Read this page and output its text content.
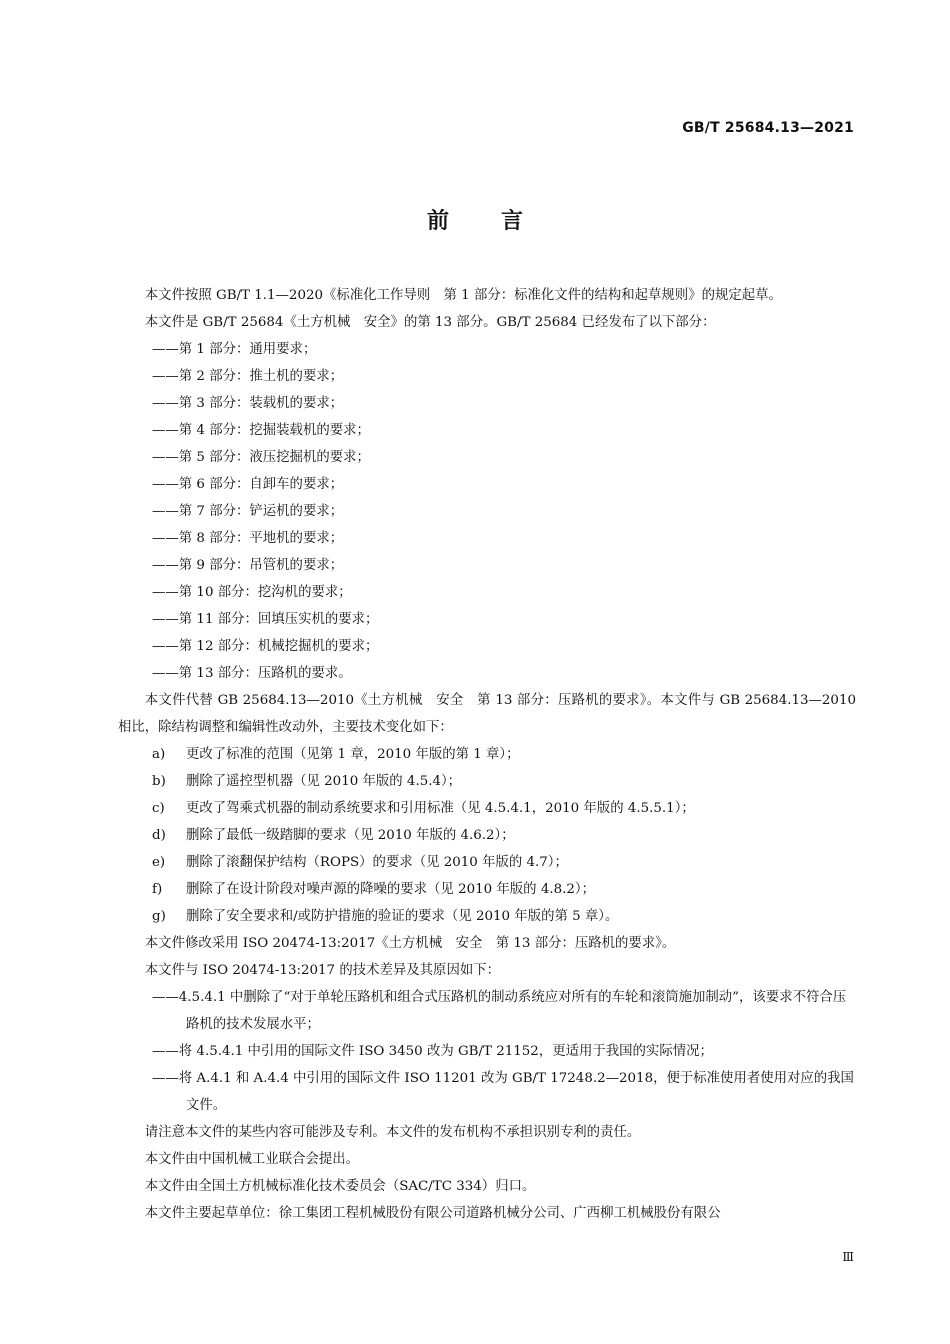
GB/T 25684.13—2021
前言

本文件按照 GB/T 1.1—2020《标准化工作导则　第 1 部分：标准化文件的结构和起草规则》的规定起草。

本文件是 GB/T 25684《土方机械　安全》的第 13 部分。GB/T 25684 已经发布了以下部分：

——第 1 部分：通用要求；

——第 2 部分：推土机的要求；

——第 3 部分：装载机的要求；

——第 4 部分：挖掘装载机的要求；

——第 5 部分：液压挖掘机的要求；

——第 6 部分：自卸车的要求；

——第 7 部分：铲运机的要求；

——第 8 部分：平地机的要求；

——第 9 部分：吊管机的要求；

——第 10 部分：挖沟机的要求；

——第 11 部分：回填压实机的要求；

——第 12 部分：机械挖掘机的要求；

——第 13 部分：压路机的要求。

本文件代替 GB 25684.13—2010《土方机械　安全　第 13 部分：压路机的要求》。本文件与 GB 25684.13—2010 相比，除结构调整和编辑性改动外，主要技术变化如下：

a) 更改了标准的范围（见第 1 章，2010 年版的第 1 章）；

b) 删除了遥控型机器（见 2010 年版的 4.5.4）；

c) 更改了驾乘式机器的制动系统要求和引用标准（见 4.5.4.1，2010 年版的 4.5.5.1）；

d) 删除了最低一级踏脚的要求（见 2010 年版的 4.6.2）；

e) 删除了滚翻保护结构（ROPS）的要求（见 2010 年版的 4.7）；

f) 删除了在设计阶段对噪声源的降噪的要求（见 2010 年版的 4.8.2）；

g) 删除了安全要求和/或防护措施的验证的要求（见 2010 年版的第 5 章）。

本文件修改采用 ISO 20474-13:2017《土方机械　安全　第 13 部分：压路机的要求》。

本文件与 ISO 20474-13:2017 的技术差异及其原因如下：

——4.5.4.1 中删除了“对于单轮压路机和组合式压路机的制动系统应对所有的车轮和滚筒施加制动”，该要求不符合压路机的技术发展水平；

——将 4.5.4.1 中引用的国际文件 ISO 3450 改为 GB/T 21152，更适用于我国的实际情况；

——将 A.4.1 和 A.4.4 中引用的国际文件 ISO 11201 改为 GB/T 17248.2—2018，便于标准使用者使用对应的我国文件。

请注意本文件的某些内容可能涉及专利。本文件的发布机构不承担识别专利的责任。

本文件由中国机械工业联合会提出。

本文件由全国土方机械标准化技术委员会（SAC/TC 334）归口。

本文件主要起草单位：徐工集团工程机械股份有限公司道路机械分公司、广西柳工机械股份有限公

Ⅲ
